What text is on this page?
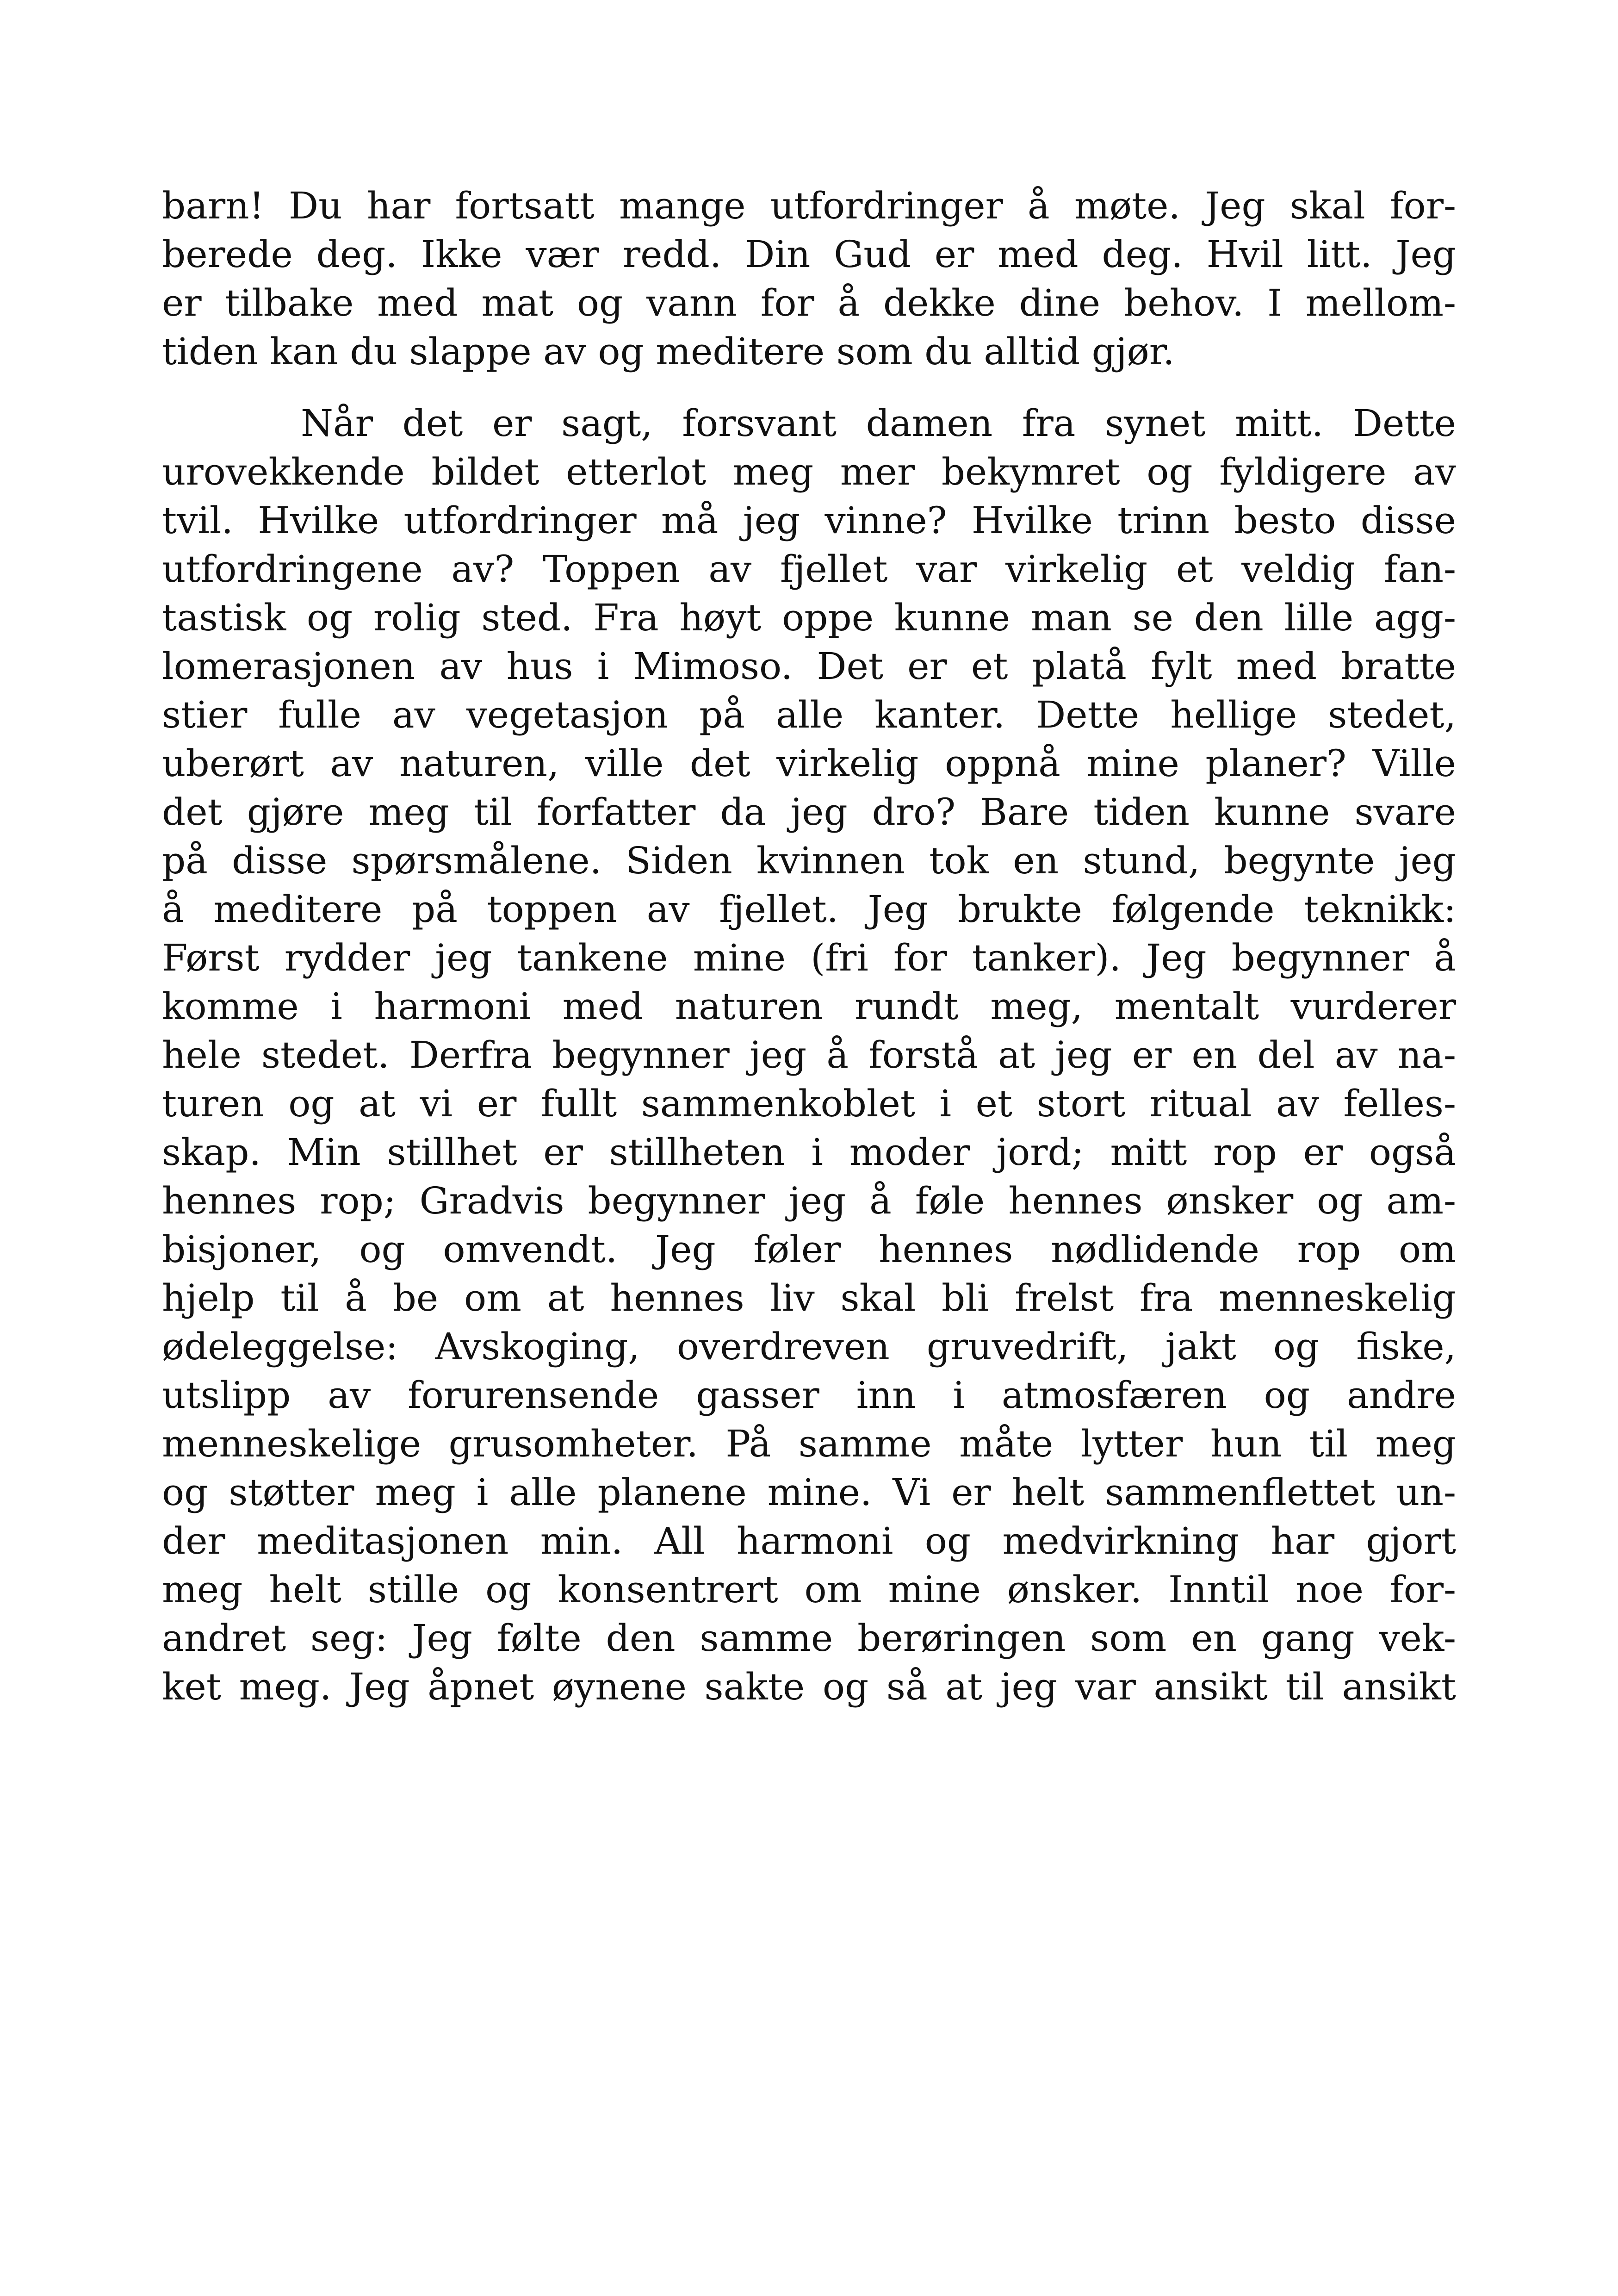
barn! Du har fortsatt mange utfordringer å møte. Jeg skal for-
berede deg. Ikke vær redd. Din Gud er med deg. Hvil litt. Jeg
er tilbake med mat og vann for å dekke dine behov. I mellom-
tiden kan du slappe av og meditere som du alltid gjør.
Når det er sagt, forsvant damen fra synet mitt. Dette
urovekkende bildet etterlot meg mer bekymret og fyldigere av
tvil. Hvilke utfordringer må jeg vinne? Hvilke trinn besto disse
utfordringene av? Toppen av fjellet var virkelig et veldig fan-
tastisk og rolig sted. Fra høyt oppe kunne man se den lille agg-
lomerasjonen av hus i Mimoso. Det er et platå fylt med bratte
stier fulle av vegetasjon på alle kanter. Dette hellige stedet,
uberørt av naturen, ville det virkelig oppnå mine planer? Ville
det gjøre meg til forfatter da jeg dro? Bare tiden kunne svare
på disse spørsmålene. Siden kvinnen tok en stund, begynte jeg
å meditere på toppen av fjellet. Jeg brukte følgende teknikk:
Først rydder jeg tankene mine (fri for tanker). Jeg begynner å
komme i harmoni med naturen rundt meg, mentalt vurderer
hele stedet. Derfra begynner jeg å forstå at jeg er en del av na-
turen og at vi er fullt sammenkoblet i et stort ritual av felles-
skap. Min stillhet er stillheten i moder jord; mitt rop er også
hennes rop; Gradvis begynner jeg å føle hennes ønsker og am-
bisjoner, og omvendt. Jeg føler hennes nødlidende rop om
hjelp til å be om at hennes liv skal bli frelst fra menneskelig
ødeleggelse: Avskoging, overdreven gruvedrift, jakt og fiske,
utslipp av forurensende gasser inn i atmosfæren og andre
menneskelige grusomheter. På samme måte lytter hun til meg
og støtter meg i alle planene mine. Vi er helt sammenflettet un-
der meditasjonen min. All harmoni og medvirkning har gjort
meg helt stille og konsentrert om mine ønsker. Inntil noe for-
andret seg: Jeg følte den samme berøringen som en gang vek-
ket meg. Jeg åpnet øynene sakte og så at jeg var ansikt til ansikt
